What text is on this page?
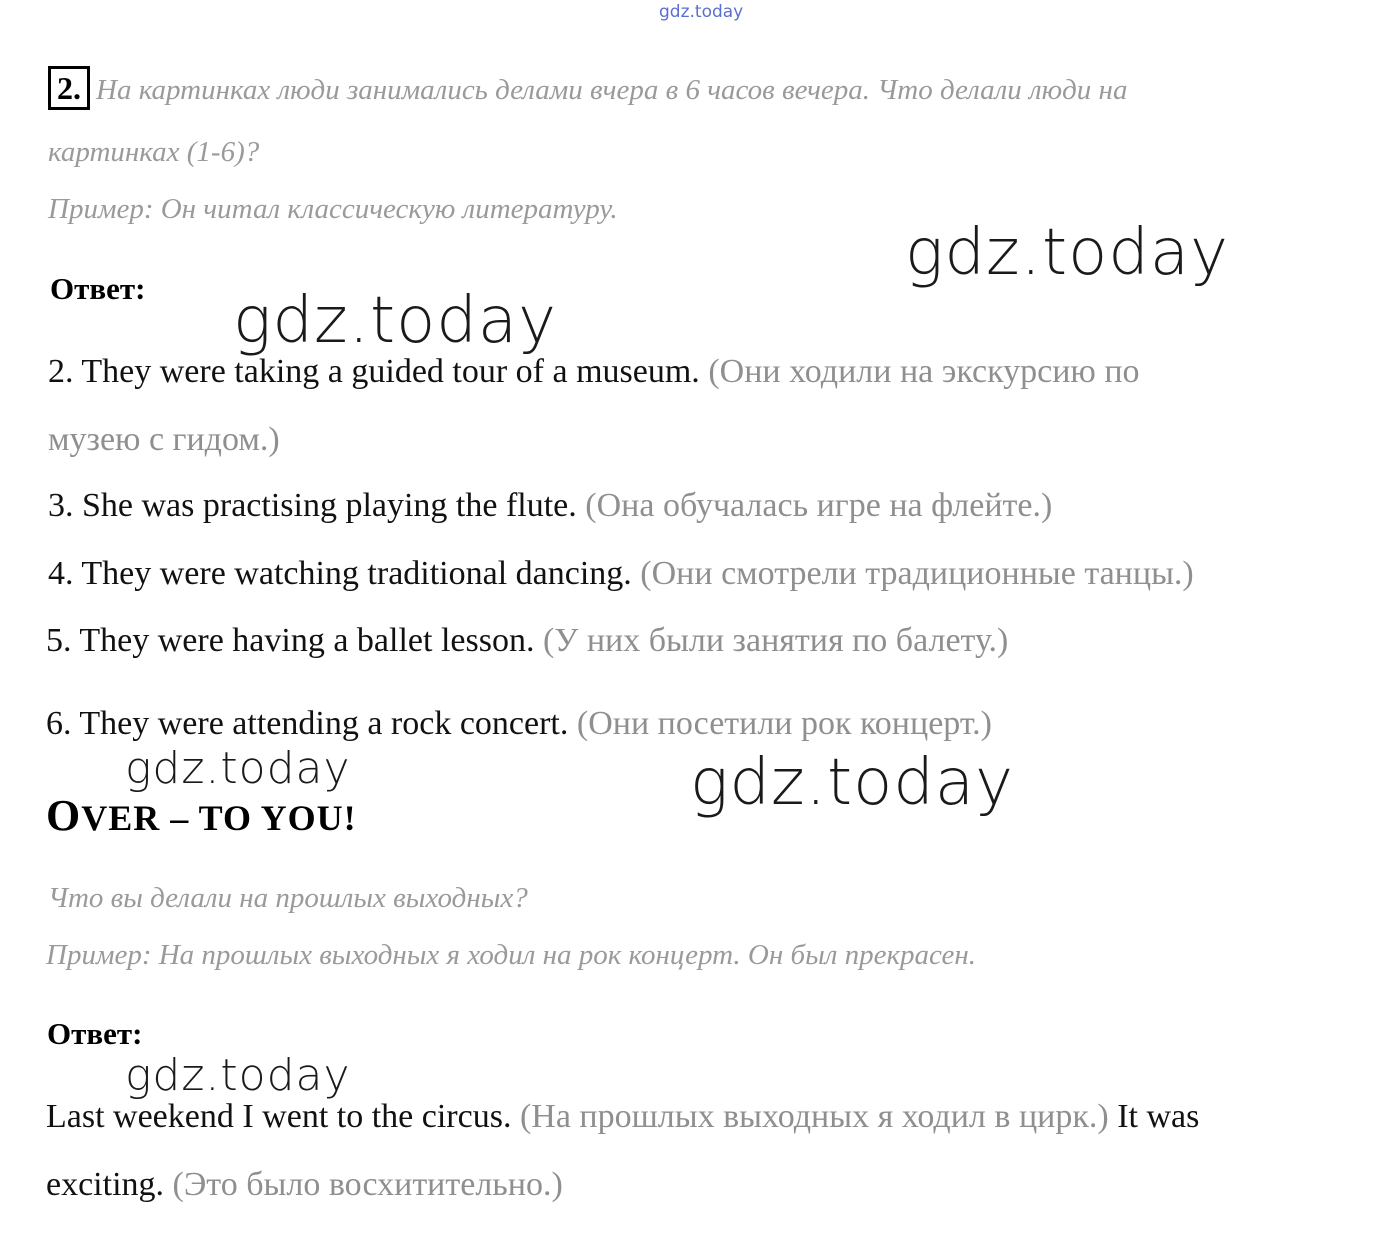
gdz.today
2. На картинках люди занимались делами вчера в 6 часов вечера. Что делали люди на
картинках (1-6)?
Пример: Он читал классическую литературу.
gdz.today
gdz.today
Ответ:
2. They were taking a guided tour of a museum. (Они ходили на экскурсию по
музею с гидом.)
3. She was practising playing the flute. (Она обучалась игре на флейте.)
4. They were watching traditional dancing. (Они смотрели традиционные танцы.)
5. They were having a ballet lesson. (У них были занятия по балету.)
6. They were attending a rock concert. (Они посетили рок концерт.)
gdz.today	gdz.today
OVER – TO YOU!
Что вы делали на прошлых выходных?
Пример: На прошлых выходных я ходил на рок концерт. Он был прекрасен.
Ответ:
gdz.today
Last weekend I went to the circus. (На прошлых выходных я ходил в цирк.) It was
exciting. (Это было восхитительно.)
